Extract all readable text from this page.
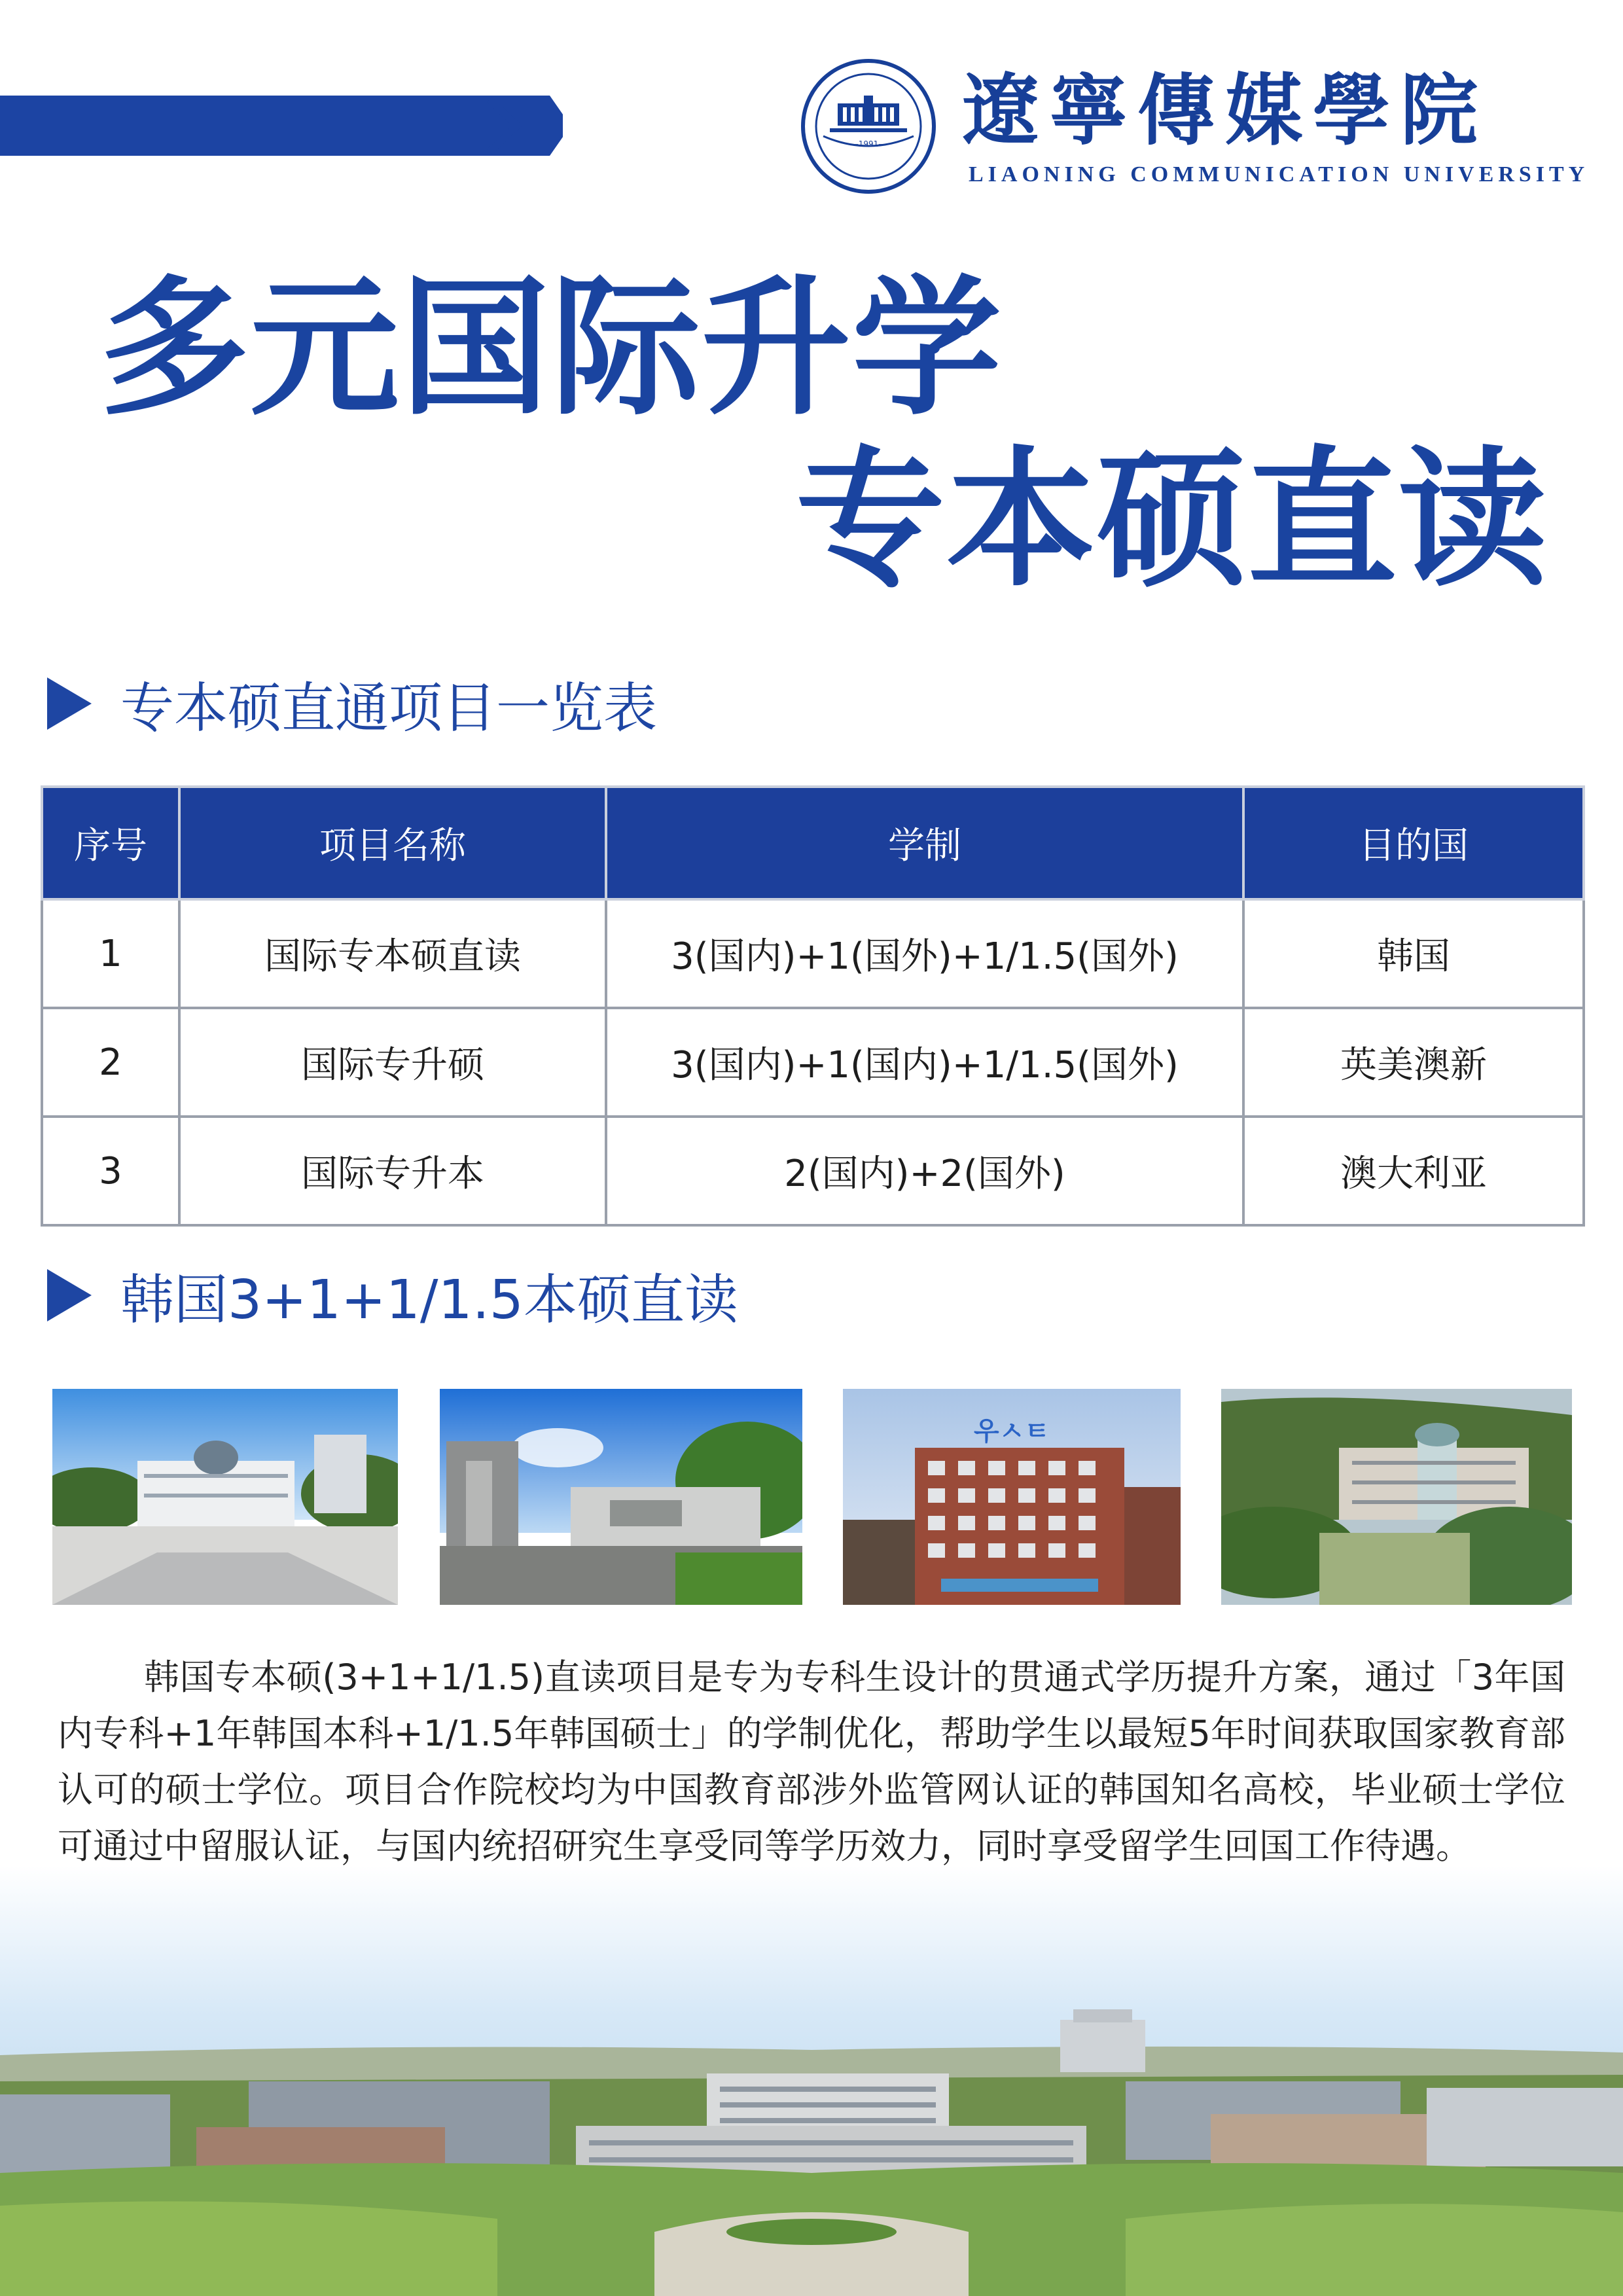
—1991— 遼寧傳媒學院
LIAONING COMMUNICATION UNIVERSITY
多元国际升学
专本硕直读
专本硕直通项目一览表
序号	项目名称	学制	目的国
1	国际专本硕直读	3(国内)+1(国外)+1/1.5(国外)	韩国
2	国际专升硕	3(国内)+1(国内)+1/1.5(国外)	英美澳新
3	国际专升本	2(国内)+2(国外)	澳大利亚
韩国3+1+1/1.5本硕直读
우ㅅㅌ
韩国专本硕(3+1+1/1.5)直读项目是专为专科生设计的贯通式学历提升方案，通过「3年国内专科+1年韩国本科+1/1.5年韩国硕士」的学制优化，帮助学生以最短5年时间获取国家教育部认可的硕士学位。项目合作院校均为中国教育部涉外监管网认证的韩国知名高校，毕业硕士学位可通过中留服认证，与国内统招研究生享受同等学历效力，同时享受留学生回国工作待遇。
